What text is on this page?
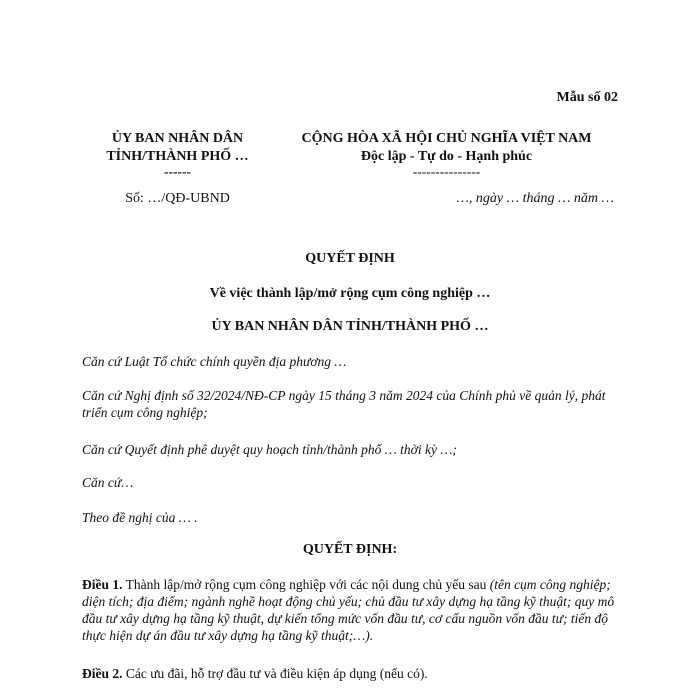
Mẫu số 02
ỦY BAN NHÂN DÂN
TỈNH/THÀNH PHỐ …
------
Số: …/QĐ-UBND
CỘNG HÒA XÃ HỘI CHỦ NGHĨA VIỆT NAM
Độc lập - Tự do - Hạnh phúc
---------------
…, ngày … tháng … năm …
QUYẾT ĐỊNH
Về việc thành lập/mở rộng cụm công nghiệp …
ỦY BAN NHÂN DÂN TỈNH/THÀNH PHỐ …
Căn cứ Luật Tổ chức chính quyền địa phương …
Căn cứ Nghị định số 32/2024/NĐ-CP ngày 15 tháng 3 năm 2024 của Chính phủ về quản lý, phát triển cụm công nghiệp;
Căn cứ Quyết định phê duyệt quy hoạch tỉnh/thành phố … thời kỳ …;
Căn cứ…
Theo đề nghị của … .
QUYẾT ĐỊNH:
Điều 1. Thành lập/mở rộng cụm công nghiệp với các nội dung chủ yếu sau (tên cụm công nghiệp; diện tích; địa điểm; ngành nghề hoạt động chủ yếu; chủ đầu tư xây dựng hạ tầng kỹ thuật; quy mô đầu tư xây dựng hạ tầng kỹ thuật, dự kiến tổng mức vốn đầu tư, cơ cấu nguồn vốn đầu tư; tiến độ thực hiện dự án đầu tư xây dựng hạ tầng kỹ thuật;…).
Điều 2. Các ưu đãi, hỗ trợ đầu tư và điều kiện áp dụng (nếu có).
